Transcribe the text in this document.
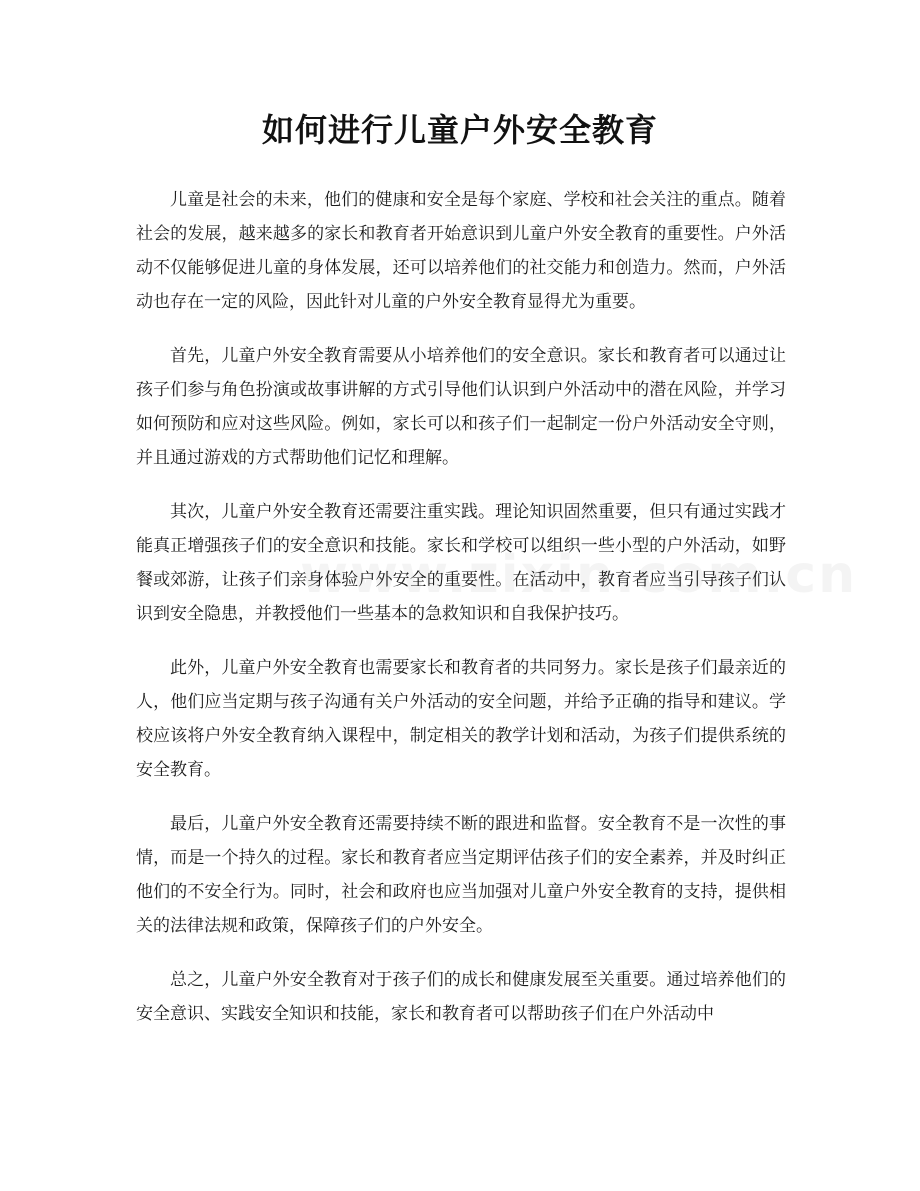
如何进行儿童户外安全教育

儿童是社会的未来，他们的健康和安全是每个家庭、学校和社会关注的重点。随着社会的发展，越来越多的家长和教育者开始意识到儿童户外安全教育的重要性。户外活动不仅能够促进儿童的身体发展，还可以培养他们的社交能力和创造力。然而，户外活动也存在一定的风险，因此针对儿童的户外安全教育显得尤为重要。

首先，儿童户外安全教育需要从小培养他们的安全意识。家长和教育者可以通过让孩子们参与角色扮演或故事讲解的方式引导他们认识到户外活动中的潜在风险，并学习如何预防和应对这些风险。例如，家长可以和孩子们一起制定一份户外活动安全守则，并且通过游戏的方式帮助他们记忆和理解。

其次，儿童户外安全教育还需要注重实践。理论知识固然重要，但只有通过实践才能真正增强孩子们的安全意识和技能。家长和学校可以组织一些小型的户外活动，如野餐或郊游，让孩子们亲身体验户外安全的重要性。在活动中，教育者应当引导孩子们认识到安全隐患，并教授他们一些基本的急救知识和自我保护技巧。

此外，儿童户外安全教育也需要家长和教育者的共同努力。家长是孩子们最亲近的人，他们应当定期与孩子沟通有关户外活动的安全问题，并给予正确的指导和建议。学校应该将户外安全教育纳入课程中，制定相关的教学计划和活动，为孩子们提供系统的安全教育。

最后，儿童户外安全教育还需要持续不断的跟进和监督。安全教育不是一次性的事情，而是一个持久的过程。家长和教育者应当定期评估孩子们的安全素养，并及时纠正他们的不安全行为。同时，社会和政府也应当加强对儿童户外安全教育的支持，提供相关的法律法规和政策，保障孩子们的户外安全。

总之，儿童户外安全教育对于孩子们的成长和健康发展至关重要。通过培养他们的安全意识、实践安全知识和技能，家长和教育者可以帮助孩子们在户外活动中
